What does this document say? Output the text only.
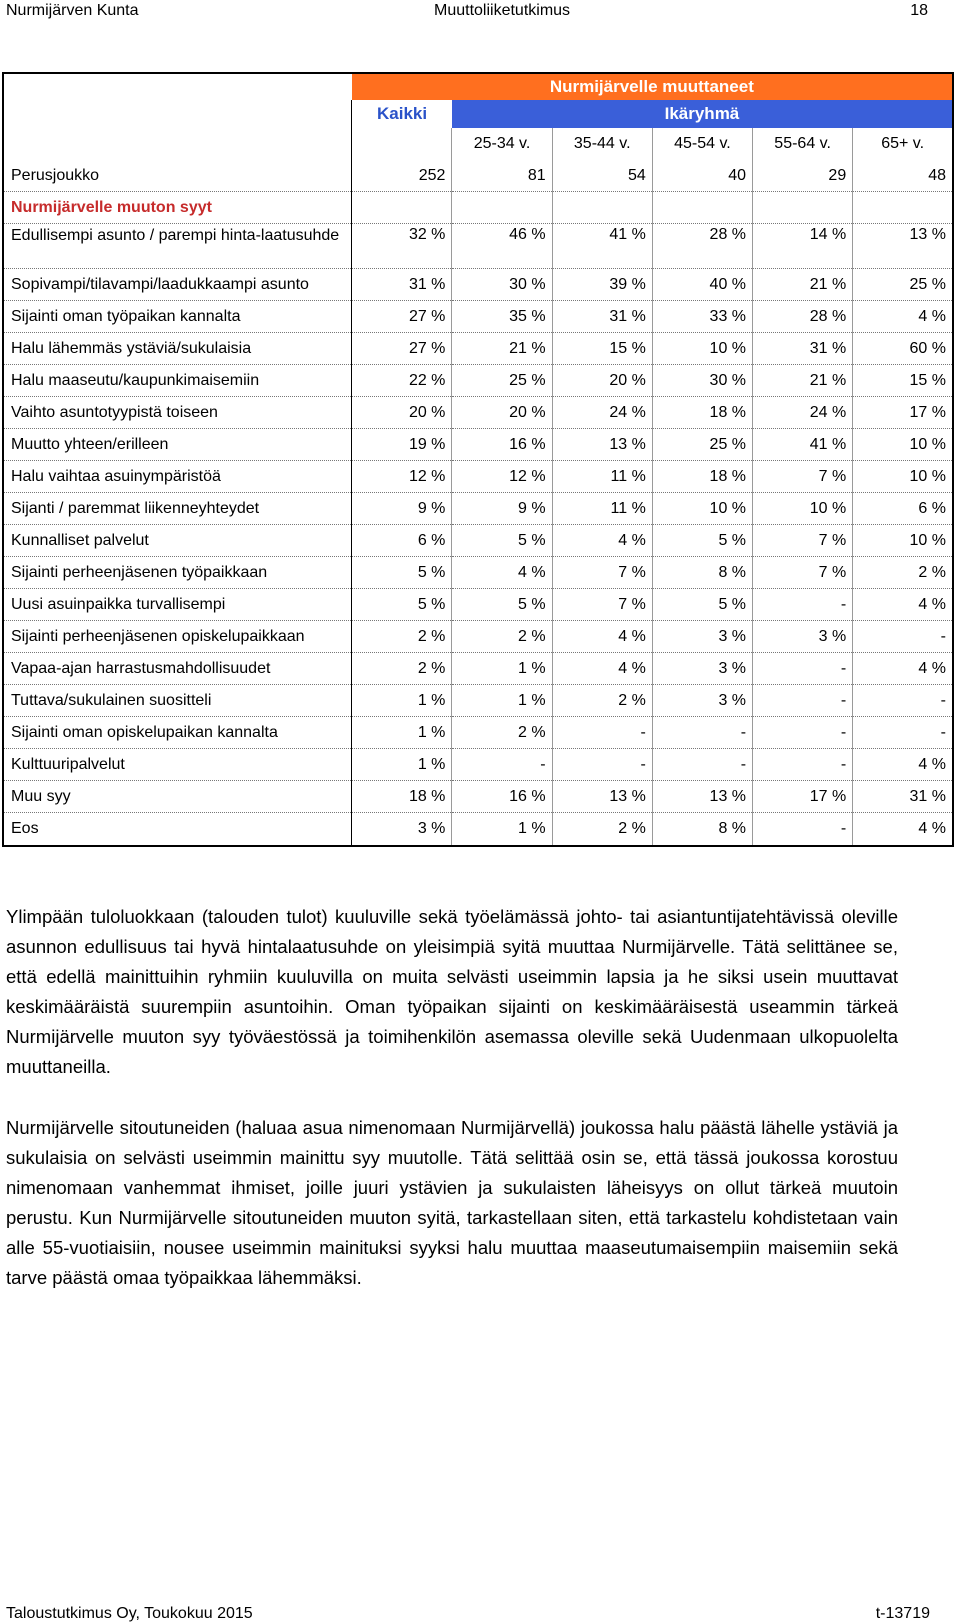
Nurmijärven Kunta	Muuttoliiketutkimus	18
	Nurmijärvelle muuttaneet					
	Kaikki	Ikäryhmä				
		25-34 v.	35-44 v.	45-54 v.	55-64 v.	65+ v.
Perusjoukko	252	81	54	40	29	48
Nurmijärvelle muuton syyt						
Edullisempi asunto / parempi hinta-laatusuhde	32 %	46 %	41 %	28 %	14 %	13 %
Sopivampi/tilavampi/laadukkaampi asunto	31 %	30 %	39 %	40 %	21 %	25 %
Sijainti oman työpaikan kannalta	27 %	35 %	31 %	33 %	28 %	4 %
Halu lähemmäs ystäviä/sukulaisia	27 %	21 %	15 %	10 %	31 %	60 %
Halu maaseutu/kaupunkimaisemiin	22 %	25 %	20 %	30 %	21 %	15 %
Vaihto asuntotyypistä toiseen	20 %	20 %	24 %	18 %	24 %	17 %
Muutto yhteen/erilleen	19 %	16 %	13 %	25 %	41 %	10 %
Halu vaihtaa asuinympäristöä	12 %	12 %	11 %	18 %	7 %	10 %
Sijanti / paremmat liikenneyhteydet	9 %	9 %	11 %	10 %	10 %	6 %
Kunnalliset palvelut	6 %	5 %	4 %	5 %	7 %	10 %
Sijainti perheenjäsenen työpaikkaan	5 %	4 %	7 %	8 %	7 %	2 %
Uusi asuinpaikka turvallisempi	5 %	5 %	7 %	5 %	-	4 %
Sijainti perheenjäsenen opiskelupaikkaan	2 %	2 %	4 %	3 %	3 %	-
Vapaa-ajan harrastusmahdollisuudet	2 %	1 %	4 %	3 %	-	4 %
Tuttava/sukulainen suositteli	1 %	1 %	2 %	3 %	-	-
Sijainti oman opiskelupaikan kannalta	1 %	2 %	-	-	-	-
Kulttuuripalvelut	1 %	-	-	-	-	4 %
Muu syy	18 %	16 %	13 %	13 %	17 %	31 %
Eos	3 %	1 %	2 %	8 %	-	4 %

Ylimpään tuloluokkaan (talouden tulot) kuuluville sekä työelämässä johto- tai asiantuntijatehtävissä oleville asunnon edullisuus tai hyvä hintalaatusuhde on yleisimpiä syitä muuttaa Nurmijärvelle. Tätä selittänee se, että edellä mainittuihin ryhmiin kuuluvilla on muita selvästi useimmin lapsia ja he siksi usein muuttavat keskimääräistä suurempiin asuntoihin. Oman työpaikan sijainti on keskimääräisestä useammin tärkeä Nurmijärvelle muuton syy työväestössä ja toimihenkilön asemassa oleville sekä Uudenmaan ulkopuolelta muuttaneilla.

Nurmijärvelle sitoutuneiden (haluaa asua nimenomaan Nurmijärvellä) joukossa halu päästä lähelle ystäviä ja sukulaisia on selvästi useimmin mainittu syy muutolle. Tätä selittää osin se, että tässä joukossa korostuu nimenomaan vanhemmat ihmiset, joille juuri ystävien ja sukulaisten läheisyys on ollut tärkeä muutoin perustu. Kun Nurmijärvelle sitoutuneiden muuton syitä, tarkastellaan siten, että tarkastelu kohdistetaan vain alle 55-vuotiaisiin, nousee useimmin mainituksi syyksi halu muuttaa maaseutumaisempiin maisemiin sekä tarve päästä omaa työpaikkaa lähemmäksi.

Taloustutkimus Oy, Toukokuu 2015	t-13719
